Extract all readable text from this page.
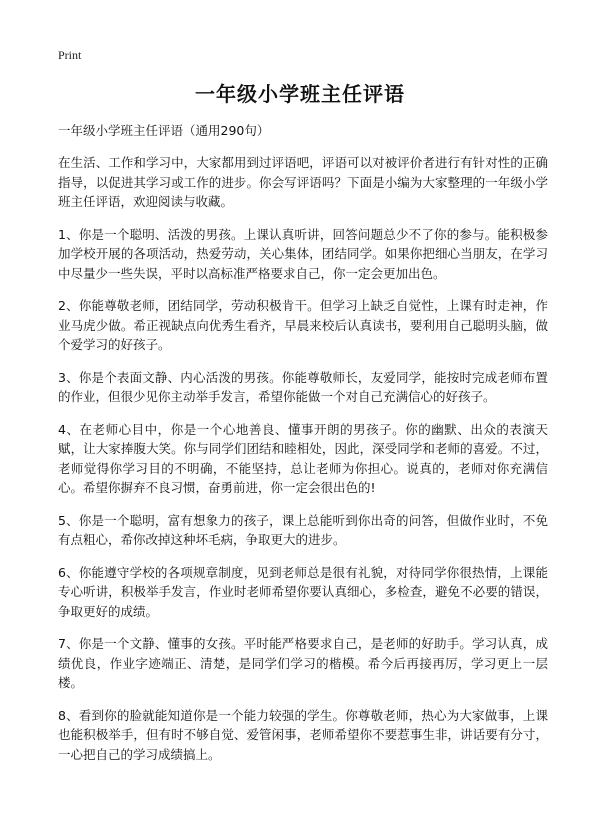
Print

一年级小学班主任评语

一年级小学班主任评语（通用290句）

在生活、工作和学习中，大家都用到过评语吧，评语可以对被评价者进行有针对性的正确指导，以促进其学习或工作的进步。你会写评语吗？下面是小编为大家整理的一年级小学班主任评语，欢迎阅读与收藏。

1、你是一个聪明、活泼的男孩。上课认真听讲，回答问题总少不了你的参与。能积极参加学校开展的各项活动，热爱劳动，关心集体，团结同学。如果你把细心当朋友，在学习中尽量少一些失误，平时以高标准严格要求自己，你一定会更加出色。

2、你能尊敬老师，团结同学，劳动积极肯干。但学习上缺乏自觉性，上课有时走神，作业马虎少做。希正视缺点向优秀生看齐，早晨来校后认真读书，要利用自己聪明头脑，做个爱学习的好孩子。

3、你是个表面文静、内心活泼的男孩。你能尊敬师长，友爱同学，能按时完成老师布置的作业，但很少见你主动举手发言，希望你能做一个对自己充满信心的好孩子。

4、在老师心目中，你是一个心地善良、懂事开朗的男孩子。你的幽默、出众的表演天赋，让大家捧腹大笑。你与同学们团结和睦相处，因此，深受同学和老师的喜爱。不过，老师觉得你学习目的不明确，不能坚持，总让老师为你担心。说真的，老师对你充满信心。希望你摒弃不良习惯，奋勇前进，你一定会很出色的!

5、你是一个聪明，富有想象力的孩子，课上总能听到你出奇的问答，但做作业时，不免有点粗心，希你改掉这种坏毛病，争取更大的进步。

6、你能遵守学校的各项规章制度，见到老师总是很有礼貌，对待同学你很热情，上课能专心听讲，积极举手发言，作业时老师希望你要认真细心，多检查，避免不必要的错误，争取更好的成绩。

7、你是一个文静、懂事的女孩。平时能严格要求自己，是老师的好助手。学习认真，成绩优良，作业字迹端正、清楚，是同学们学习的楷模。希今后再接再厉，学习更上一层楼。

8、看到你的脸就能知道你是一个能力较强的学生。你尊敬老师，热心为大家做事，上课也能积极举手，但有时不够自觉、爱管闲事，老师希望你不要惹事生非，讲话要有分寸，一心把自己的学习成绩搞上。
